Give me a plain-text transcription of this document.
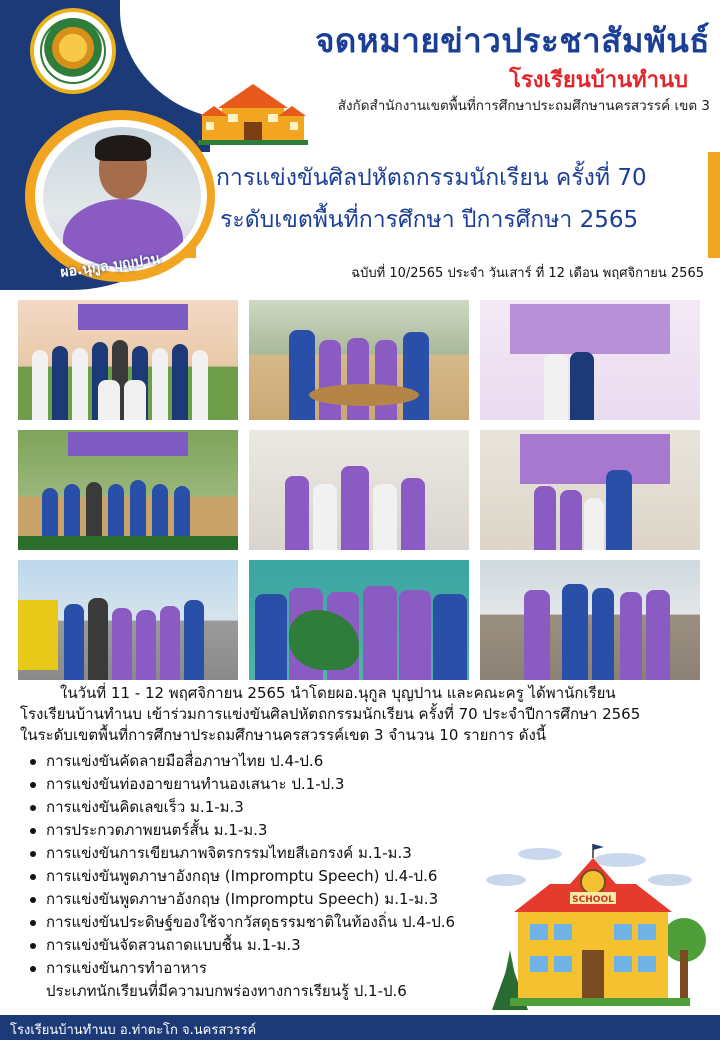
จดหมายข่าวประชาสัมพันธ์
โรงเรียนบ้านทำนบ
สังกัดสำนักงานเขตพื้นที่การศึกษาประถมศึกษานครสวรรค์ เขต 3
การแข่งขันศิลปหัตถกรรมนักเรียน ครั้งที่ 70
ระดับเขตพื้นที่การศึกษา ปีการศึกษา 2565
ผอ.นุกูล บุญปาน	ฉบับที่ 10/2565 ประจำ วันเสาร์ ที่ 12 เดือน พฤศจิกายน 2565
ในวันที่ 11 - 12 พฤศจิกายน 2565 นำโดยผอ.นุกูล บุญปาน และคณะครู ได้พานักเรียน
โรงเรียนบ้านทำนบ เข้าร่วมการแข่งขันศิลปหัตถกรรมนักเรียน ครั้งที่ 70 ประจำปีการศึกษา 2565
ในระดับเขตพื้นที่การศึกษาประถมศึกษานครสวรรค์เขต 3 จำนวน 10 รายการ ดังนี้
การแข่งขันคัดลายมือสื่อภาษาไทย ป.4-ป.6
การแข่งขันท่องอาขยานทำนองเสนาะ ป.1-ป.3
การแข่งขันคิดเลขเร็ว ม.1-ม.3
การประกวดภาพยนตร์สั้น ม.1-ม.3
การแข่งขันการเขียนภาพจิตรกรรมไทยสีเอกรงค์ ม.1-ม.3
การแข่งขันพูดภาษาอังกฤษ (Impromptu Speech) ป.4-ป.6
การแข่งขันพูดภาษาอังกฤษ (Impromptu Speech) ม.1-ม.3
การแข่งขันประดิษฐ์ของใช้จากวัสดุธรรมชาติในท้องถิ่น ป.4-ป.6
การแข่งขันจัดสวนถาดแบบชื้น ม.1-ม.3
การแข่งขันการทำอาหาร
ประเภทนักเรียนที่มีความบกพร่องทางการเรียนรู้ ป.1-ป.6
SCHOOL
โรงเรียนบ้านทำนบ อ.ท่าตะโก จ.นครสวรรค์
